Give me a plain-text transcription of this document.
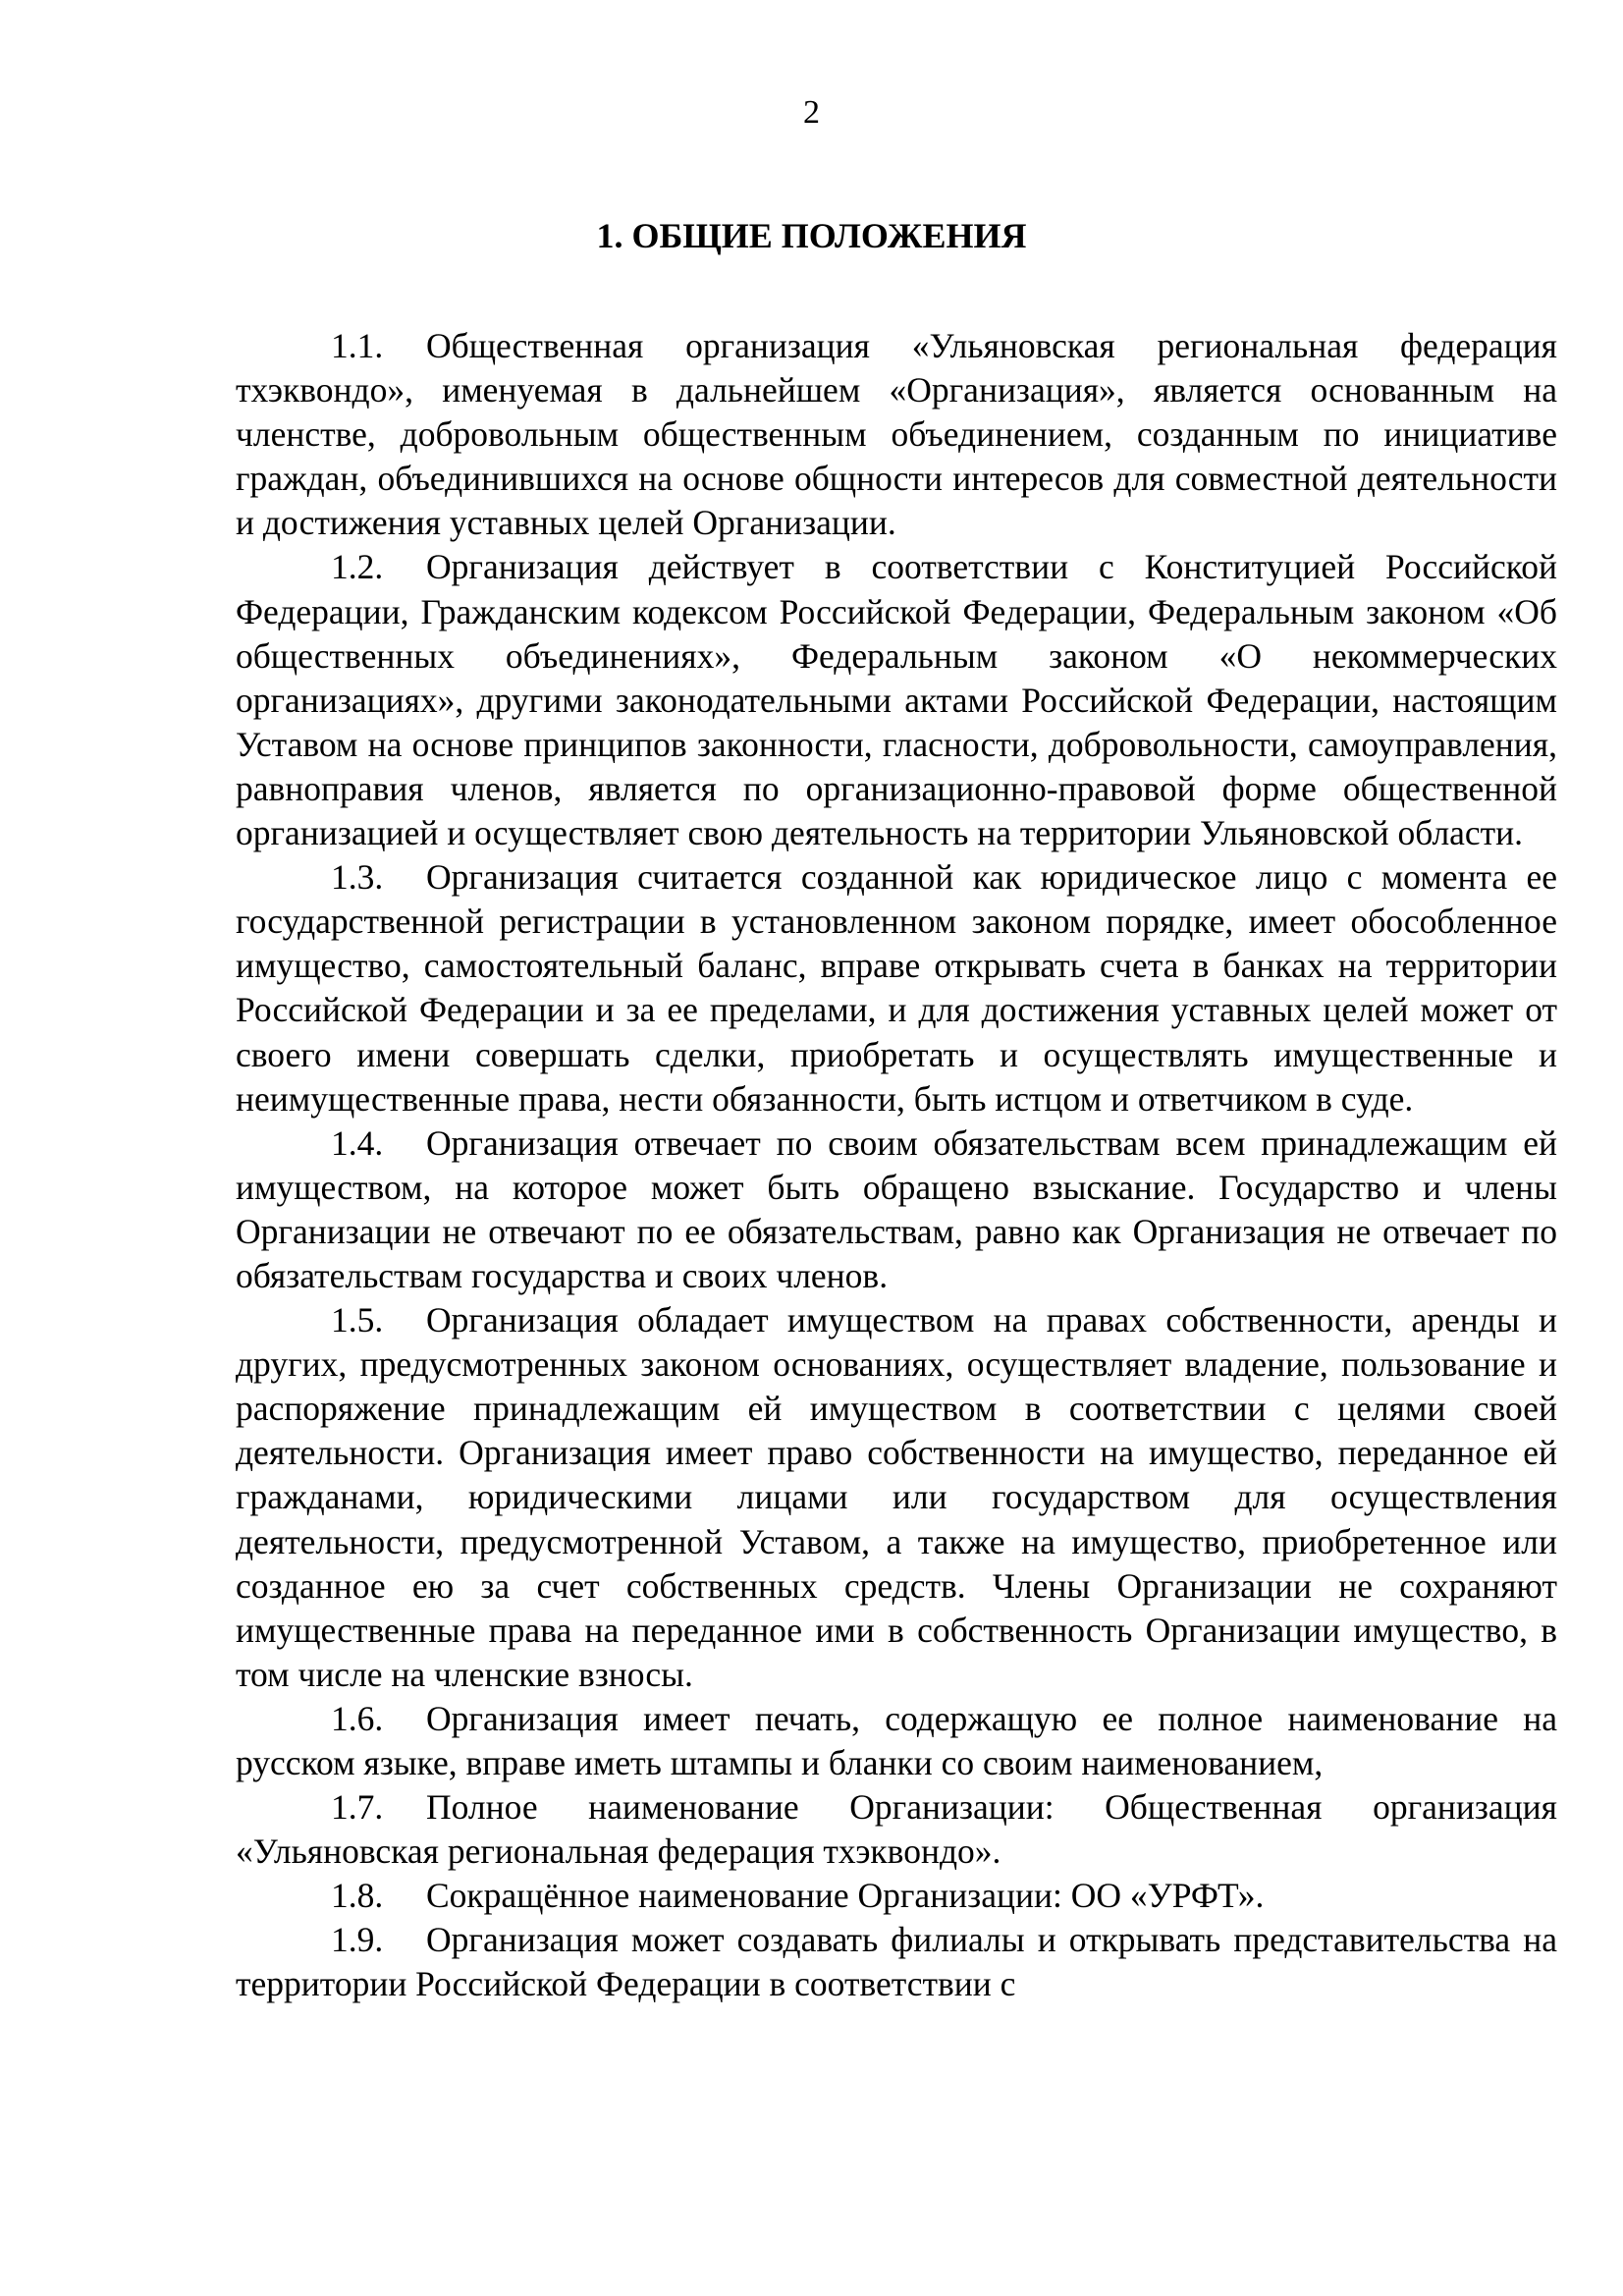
2
1. ОБЩИЕ ПОЛОЖЕНИЯ

1.1. Общественная организация «Ульяновская региональная федерация тхэквондо», именуемая в дальнейшем «Организация», является основанным на членстве, добровольным общественным объединением, созданным по инициативе граждан, объединившихся на основе общности интересов для совместной деятельности и достижения уставных целей Организации.

1.2. Организация действует в соответствии с Конституцией Российской Федерации, Гражданским кодексом Российской Федерации, Федеральным законом «Об общественных объединениях», Федеральным законом «О некоммерческих организациях», другими законодательными актами Российской Федерации, настоящим Уставом на основе принципов законности, гласности, добровольности, самоуправления, равноправия членов, является по организационно-правовой форме общественной организацией и осуществляет свою деятельность на территории Ульяновской области.

1.3. Организация считается созданной как юридическое лицо с момента ее государственной регистрации в установленном законом порядке, имеет обособленное имущество, самостоятельный баланс, вправе открывать счета в банках на территории Российской Федерации и за ее пределами, и для достижения уставных целей может от своего имени совершать сделки, приобретать и осуществлять имущественные и неимущественные права, нести обязанности, быть истцом и ответчиком в суде.

1.4. Организация отвечает по своим обязательствам всем принадлежащим ей имуществом, на которое может быть обращено взыскание. Государство и члены Организации не отвечают по ее обязательствам, равно как Организация не отвечает по обязательствам государства и своих членов.

1.5. Организация обладает имуществом на правах собственности, аренды и других, предусмотренных законом основаниях, осуществляет владение, пользование и распоряжение принадлежащим ей имуществом в соответствии с целями своей деятельности. Организация имеет право собственности на имущество, переданное ей гражданами, юридическими лицами или государством для осуществления деятельности, предусмотренной Уставом, а также на имущество, приобретенное или созданное ею за счет собственных средств. Члены Организации не сохраняют имущественные права на переданное ими в собственность Организации имущество, в том числе на членские взносы.

1.6. Организация имеет печать, содержащую ее полное наименование на русском языке, вправе иметь штампы и бланки со своим наименованием,

1.7. Полное наименование Организации: Общественная организация «Ульяновская региональная федерация тхэквондо».

1.8. Сокращённое наименование Организации: ОО «УРФТ».

1.9. Организация может создавать филиалы и открывать представительства на территории Российской Федерации в соответствии с
